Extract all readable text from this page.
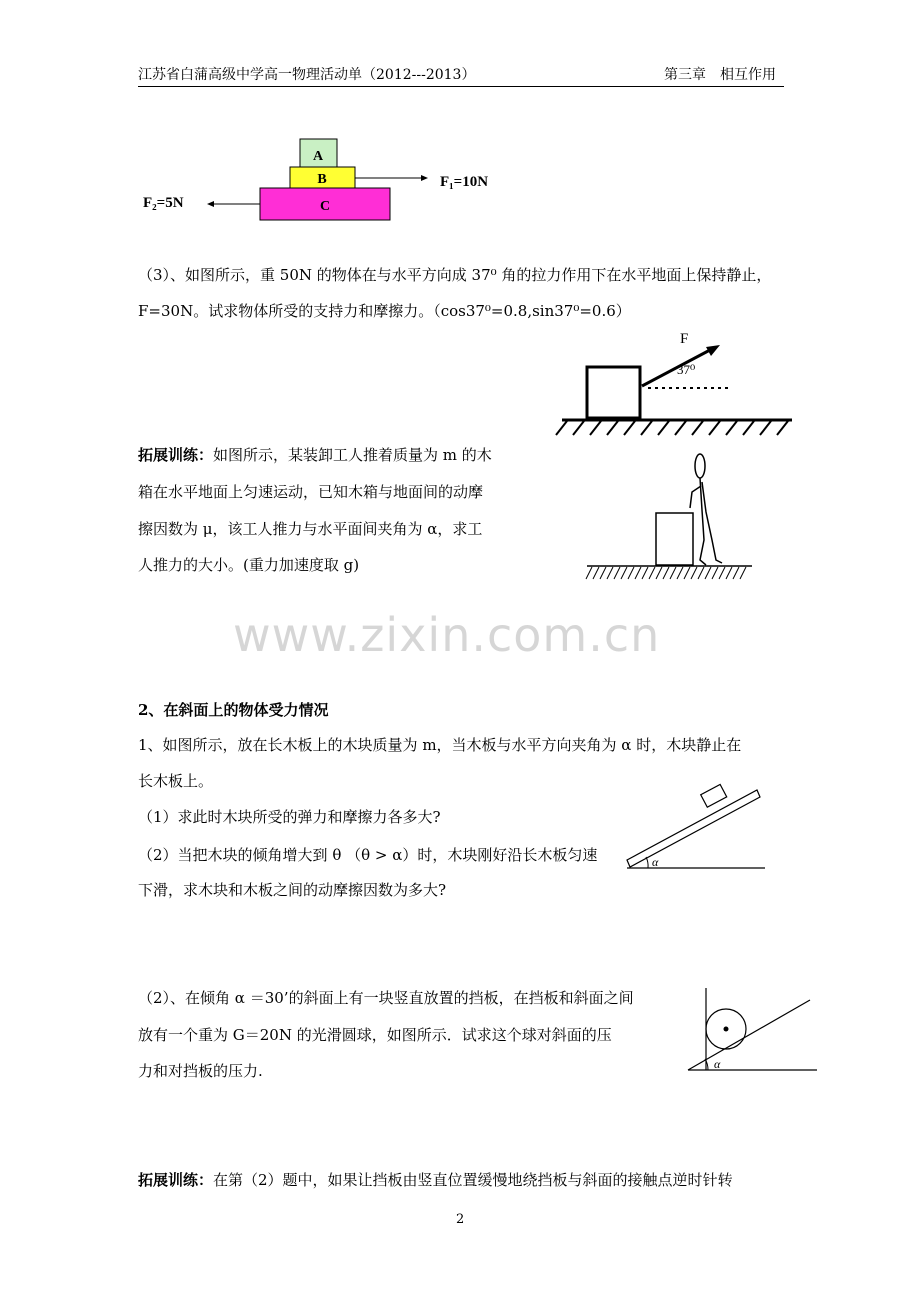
江苏省白蒲高级中学高一物理活动单（2012---2013）	第三章　相互作用
A
B
C
F₁=10N
F₂=5N
（3）、如图所示，重 50N 的物体在与水平方向成 37⁰ 角的拉力作用下在水平地面上保持静止，
F=30N。试求物体所受的支持力和摩擦力。（cos37⁰=0.8,sin37⁰=0.6）
F
37⁰
拓展训练：如图所示，某装卸工人推着质量为 m 的木
箱在水平地面上匀速运动，已知木箱与地面间的动摩
擦因数为 μ，该工人推力与水平面间夹角为 α，求工
人推力的大小。(重力加速度取 g)
www.zixin.com.cn
2、在斜面上的物体受力情况
1、如图所示，放在长木板上的木块质量为 m，当木板与水平方向夹角为 α 时，木块静止在
长木板上。
（1）求此时木块所受的弹力和摩擦力各多大?
（2）当把木块的倾角增大到 θ （θ > α）时，木块刚好沿长木板匀速
下滑，求木块和木板之间的动摩擦因数为多大?
α
（2）、在倾角 α ＝30’的斜面上有一块竖直放置的挡板，在挡板和斜面之间
放有一个重为 G＝20N 的光滑圆球，如图所示．试求这个球对斜面的压
力和对挡板的压力.	α
拓展训练：在第（2）题中，如果让挡板由竖直位置缓慢地绕挡板与斜面的接触点逆时针转
2
